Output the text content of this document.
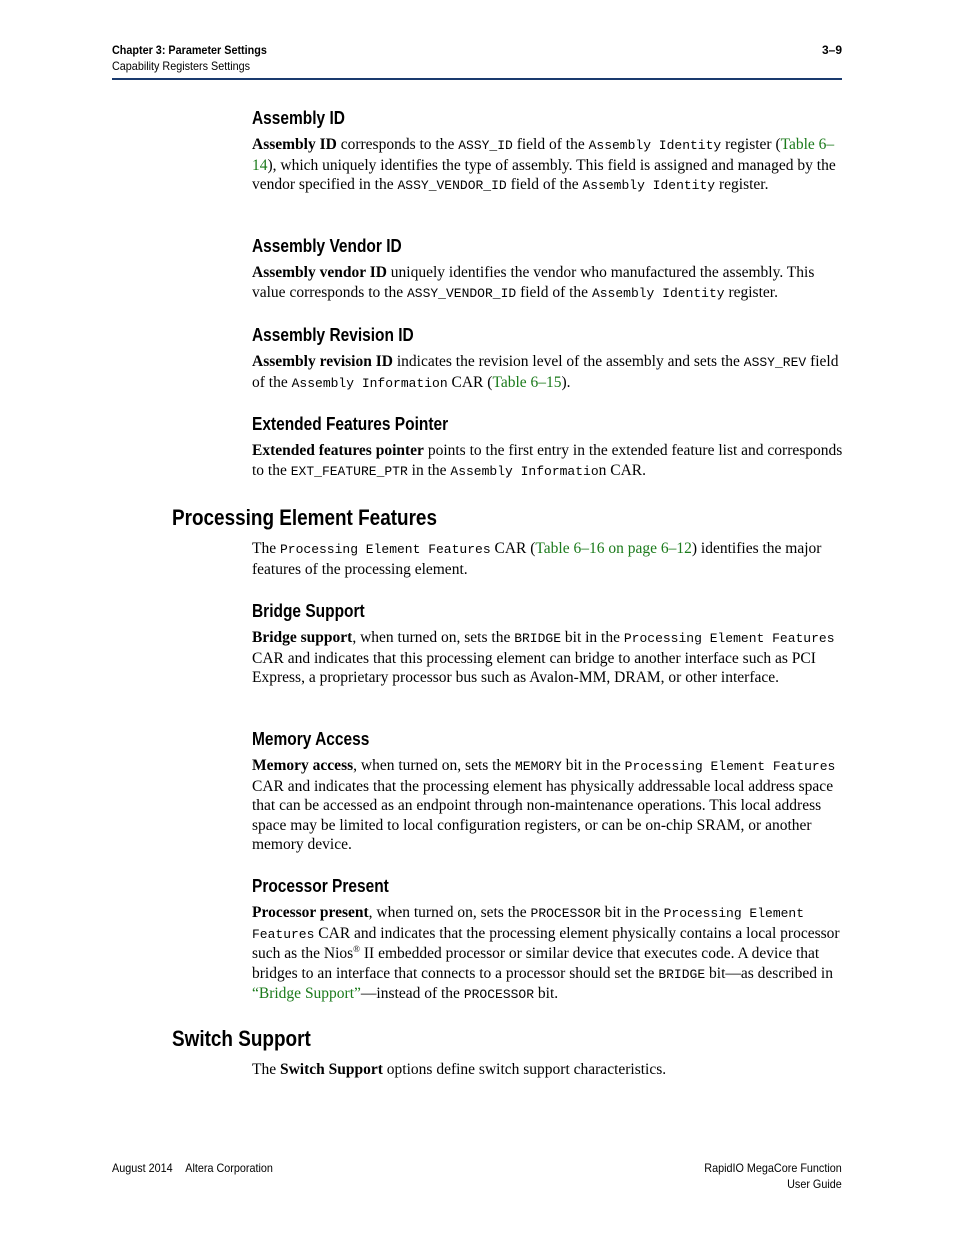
Chapter 3: Parameter Settings
Capability Registers Settings
3–9
Assembly ID

Assembly ID corresponds to the ASSY_ID field of the Assembly Identity register (Table 6–14), which uniquely identifies the type of assembly. This field is assigned and managed by the vendor specified in the ASSY_VENDOR_ID field of the Assembly Identity register.

Assembly Vendor ID

Assembly vendor ID uniquely identifies the vendor who manufactured the assembly. This value corresponds to the ASSY_VENDOR_ID field of the Assembly Identity register.

Assembly Revision ID

Assembly revision ID indicates the revision level of the assembly and sets the ASSY_REV field of the Assembly Information CAR (Table 6–15).

Extended Features Pointer

Extended features pointer points to the first entry in the extended feature list and corresponds to the EXT_FEATURE_PTR in the Assembly Information CAR.

Processing Element Features

The Processing Element Features CAR (Table 6–16 on page 6–12) identifies the major features of the processing element.

Bridge Support

Bridge support, when turned on, sets the BRIDGE bit in the Processing Element Features CAR and indicates that this processing element can bridge to another interface such as PCI Express, a proprietary processor bus such as Avalon-MM, DRAM, or other interface.

Memory Access

Memory access, when turned on, sets the MEMORY bit in the Processing Element Features CAR and indicates that the processing element has physically addressable local address space that can be accessed as an endpoint through non-maintenance operations. This local address space may be limited to local configuration registers, or can be on-chip SRAM, or another memory device.

Processor Present

Processor present, when turned on, sets the PROCESSOR bit in the Processing Element Features CAR and indicates that the processing element physically contains a local processor such as the Nios® II embedded processor or similar device that executes code. A device that bridges to an interface that connects to a processor should set the BRIDGE bit—as described in “Bridge Support”—instead of the PROCESSOR bit.

Switch Support

The Switch Support options define switch support characteristics.

August 2014 Altera Corporation	RapidIO MegaCore Function
User Guide
